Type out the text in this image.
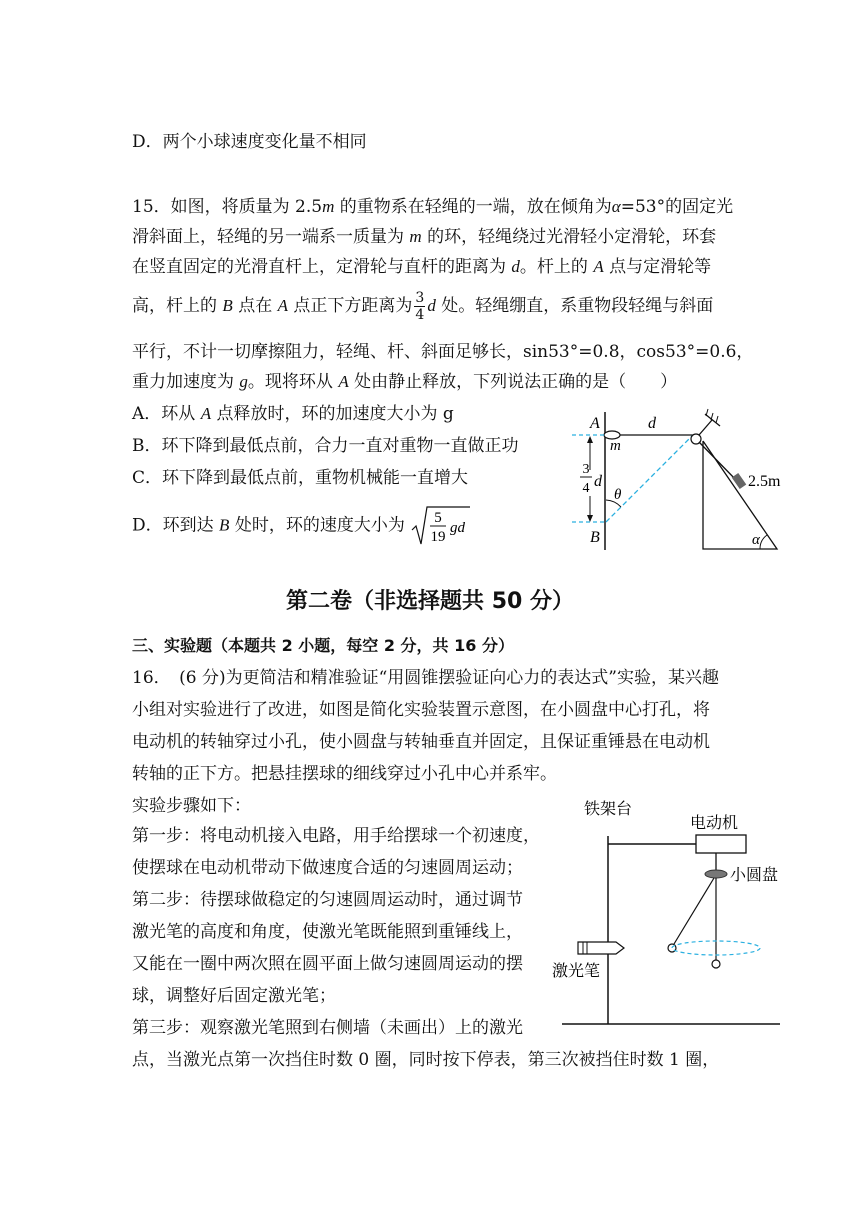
D．两个小球速度变化量不相同
15．如图，将质量为 2.5m 的重物系在轻绳的一端，放在倾角为α=53°的固定光
滑斜面上，轻绳的另一端系一质量为 m 的环，轻绳绕过光滑轻小定滑轮，环套
在竖直固定的光滑直杆上，定滑轮与直杆的距离为 d。杆上的 A 点与定滑轮等
高，杆上的 B 点在 A 点正下方距离为 $\frac{3}{4}$ d 处。轻绳绷直，系重物段轻绳与斜面
平行，不计一切摩擦阻力，轻绳、杆、斜面足够长，sin53°=0.8，cos53°=0.6，
重力加速度为 g。现将环从 A 处由静止释放，下列说法正确的是（　　）
A．环从 A 点释放时，环的加速度大小为 g
B．环下降到最低点前，合力一直对重物一直做正功
C．环下降到最低点前，重物机械能一直增大
D．环到达 B 处时，环的速度大小为 5
19
gd
A
m
d
3
4 d
θ
B
2.5m
α
第二卷（非选择题共 50 分）
三、实验题（本题共 2 小题，每空 2 分，共 16 分）
16．　(6 分)为更简洁和精准验证“用圆锥摆验证向心力的表达式”实验，某兴趣
小组对实验进行了改进，如图是简化实验装置示意图，在小圆盘中心打孔，将
电动机的转轴穿过小孔，使小圆盘与转轴垂直并固定，且保证重锤悬在电动机
转轴的正下方。把悬挂摆球的细线穿过小孔中心并系牢。
实验步骤如下：
第一步：将电动机接入电路，用手给摆球一个初速度，
使摆球在电动机带动下做速度合适的匀速圆周运动；
第二步：待摆球做稳定的匀速圆周运动时，通过调节
激光笔的高度和角度，使激光笔既能照到重锤线上，
又能在一圈中两次照在圆平面上做匀速圆周运动的摆
球，调整好后固定激光笔；
第三步：观察激光笔照到右侧墙（未画出）上的激光
点，当激光点第一次挡住时数 0 圈，同时按下停表，第三次被挡住时数 1 圈，
铁架台
电动机
小圆盘
激光笔
